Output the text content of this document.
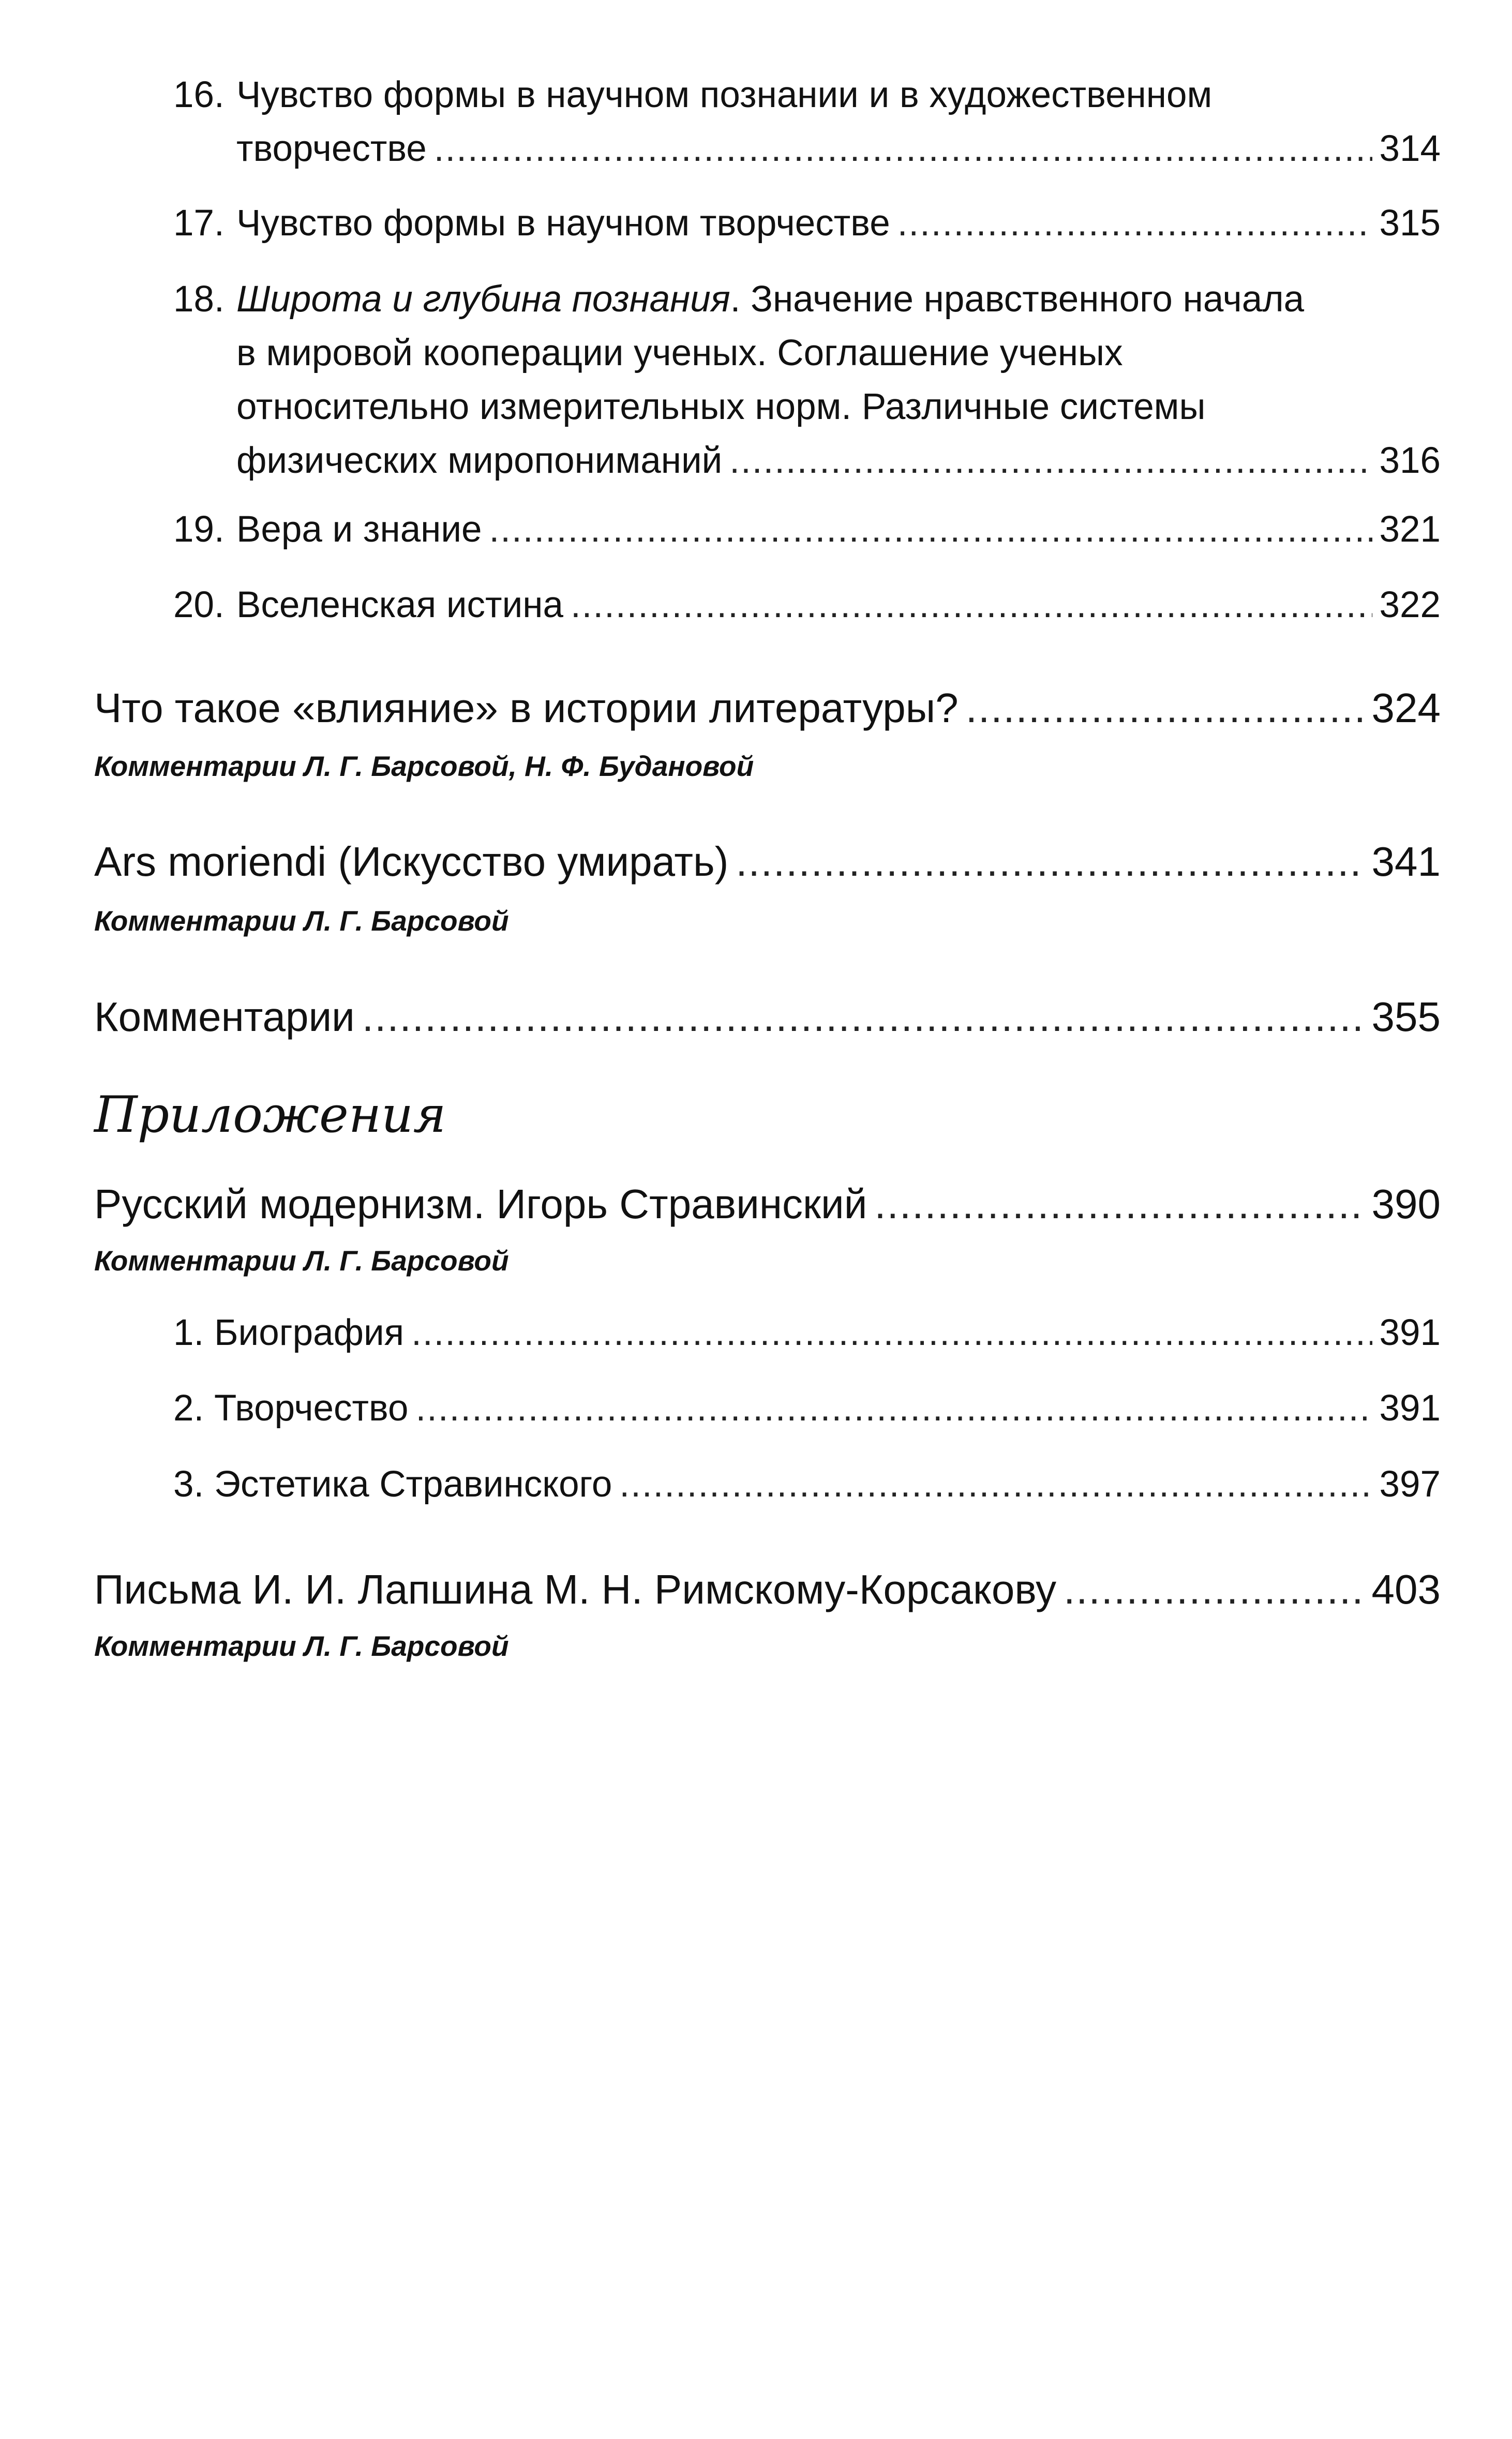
16. Чувство формы в научном познании и в художественном
творчестве .....	314
17. Чувство формы в научном творчестве .....	315
18. Широта и глубина познания. Значение нравственного начала
в мировой кооперации ученых. Соглашение ученых
относительно измерительных норм. Различные системы
физических миропониманий .....	316
19. Вера и знание .....	321
20. Вселенская истина .....	322
Что такое «влияние» в истории литературы? .....	324
Комментарии Л. Г. Барсовой, Н. Ф. Будановой
Ars moriendi (Искусство умирать) .....	341
Комментарии Л. Г. Барсовой
Комментарии .....	355
Приложения
Русский модернизм. Игорь Стравинский .....	390
Комментарии Л. Г. Барсовой
1. Биография .....	391
2. Творчество .....	391
3. Эстетика Стравинского .....	397
Письма И. И. Лапшина М. Н. Римскому-Корсакову .....	403
Комментарии Л. Г. Барсовой
